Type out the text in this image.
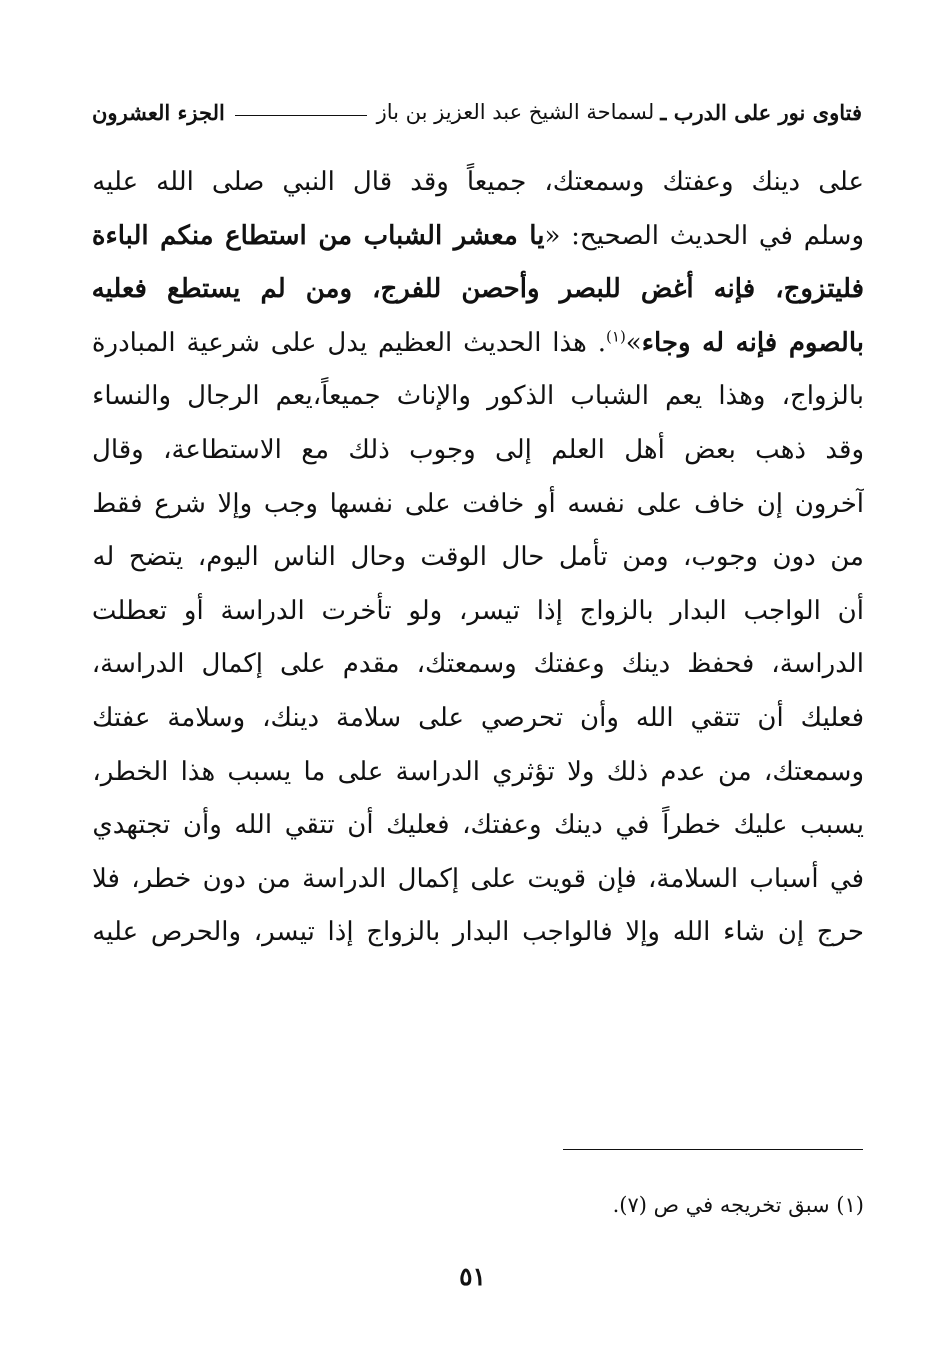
فتاوى نور على الدرب ـ
لسماحة الشيخ عبد العزيز بن باز
الجزء العشرون
على دينك وعفتك وسمعتك، جميعاً وقد قال النبي صلى الله عليه
وسلم في الحديث الصحيح: «يا معشر الشباب من استطاع منكم الباءة
فليتزوج، فإنه أغض للبصر وأحصن للفرج، ومن لم يستطع فعليه
بالصوم فإنه له وجاء»$^{(١)}$. هذا الحديث العظيم يدل على شرعية المبادرة
بالزواج، وهذا يعم الشباب الذكور والإناث جميعاً،يعم الرجال والنساء
وقد ذهب بعض أهل العلم إلى وجوب ذلك مع الاستطاعة، وقال
آخرون إن خاف على نفسه أو خافت على نفسها وجب وإلا شرع فقط
من دون وجوب، ومن تأمل حال الوقت وحال الناس اليوم، يتضح له
أن الواجب البدار بالزواج إذا تيسر، ولو تأخرت الدراسة أو تعطلت
الدراسة، فحفظ دينك وعفتك وسمعتك، مقدم على إكمال الدراسة،
فعليك أن تتقي الله وأن تحرصي على سلامة دينك، وسلامة عفتك
وسمعتك، من عدم ذلك ولا تؤثري الدراسة على ما يسبب هذا الخطر،
يسبب عليك خطراً في دينك وعفتك، فعليك أن تتقي الله وأن تجتهدي
في أسباب السلامة، فإن قويت على إكمال الدراسة من دون خطر، فلا
حرج إن شاء الله وإلا فالواجب البدار بالزواج إذا تيسر، والحرص عليه
(١) سبق تخريجه في ص (٧).
٥١
